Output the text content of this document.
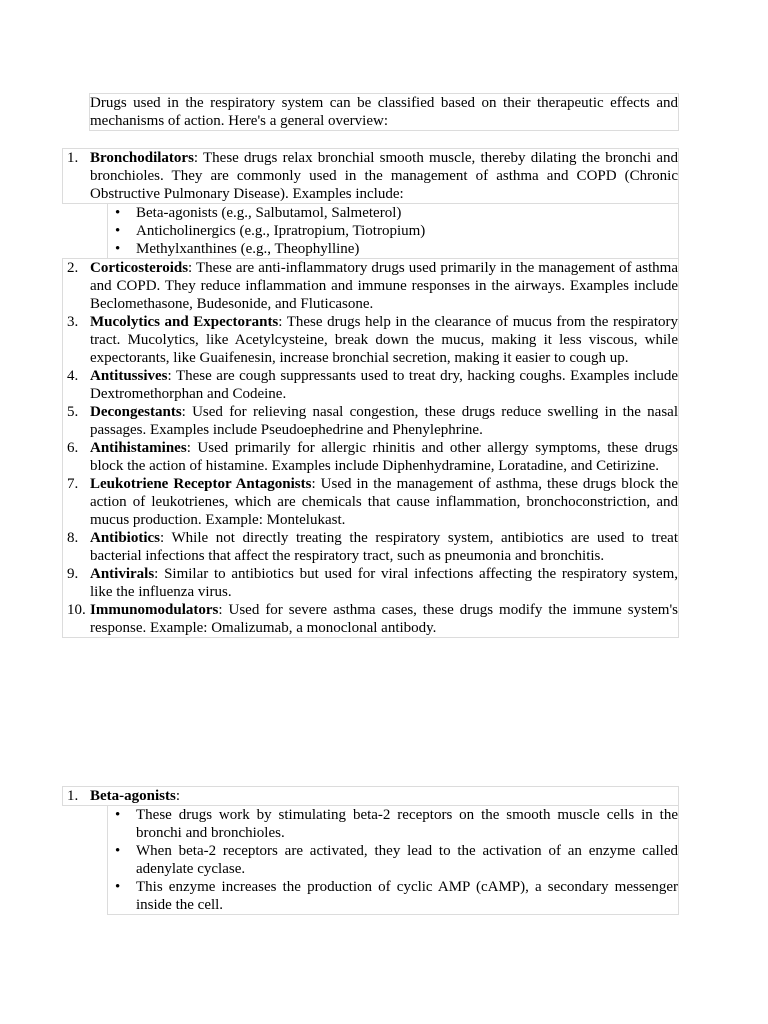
Drugs used in the respiratory system can be classified based on their therapeutic effects and mechanisms of action. Here's a general overview:

1. Bronchodilators: These drugs relax bronchial smooth muscle, thereby dilating the bronchi and bronchioles. They are commonly used in the management of asthma and COPD (Chronic Obstructive Pulmonary Disease). Examples include:

• Beta-agonists (e.g., Salbutamol, Salmeterol)
• Anticholinergics (e.g., Ipratropium, Tiotropium)
• Methylxanthines (e.g., Theophylline)
2. Corticosteroids: These are anti-inflammatory drugs used primarily in the management of asthma and COPD. They reduce inflammation and immune responses in the airways. Examples include Beclomethasone, Budesonide, and Fluticasone.

3. Mucolytics and Expectorants: These drugs help in the clearance of mucus from the respiratory tract. Mucolytics, like Acetylcysteine, break down the mucus, making it less viscous, while expectorants, like Guaifenesin, increase bronchial secretion, making it easier to cough up.

4. Antitussives: These are cough suppressants used to treat dry, hacking coughs. Examples include Dextromethorphan and Codeine.

5. Decongestants: Used for relieving nasal congestion, these drugs reduce swelling in the nasal passages. Examples include Pseudoephedrine and Phenylephrine.

6. Antihistamines: Used primarily for allergic rhinitis and other allergy symptoms, these drugs block the action of histamine. Examples include Diphenhydramine, Loratadine, and Cetirizine.

7. Leukotriene Receptor Antagonists: Used in the management of asthma, these drugs block the action of leukotrienes, which are chemicals that cause inflammation, bronchoconstriction, and mucus production. Example: Montelukast.

8. Antibiotics: While not directly treating the respiratory system, antibiotics are used to treat bacterial infections that affect the respiratory tract, such as pneumonia and bronchitis.

9. Antivirals: Similar to antibiotics but used for viral infections affecting the respiratory system, like the influenza virus.

10. Immunomodulators: Used for severe asthma cases, these drugs modify the immune system's response. Example: Omalizumab, a monoclonal antibody.

1. Beta-agonists:

• These drugs work by stimulating beta-2 receptors on the smooth muscle cells in the bronchi and bronchioles.
• When beta-2 receptors are activated, they lead to the activation of an enzyme called adenylate cyclase.
• This enzyme increases the production of cyclic AMP (cAMP), a secondary messenger inside the cell.
